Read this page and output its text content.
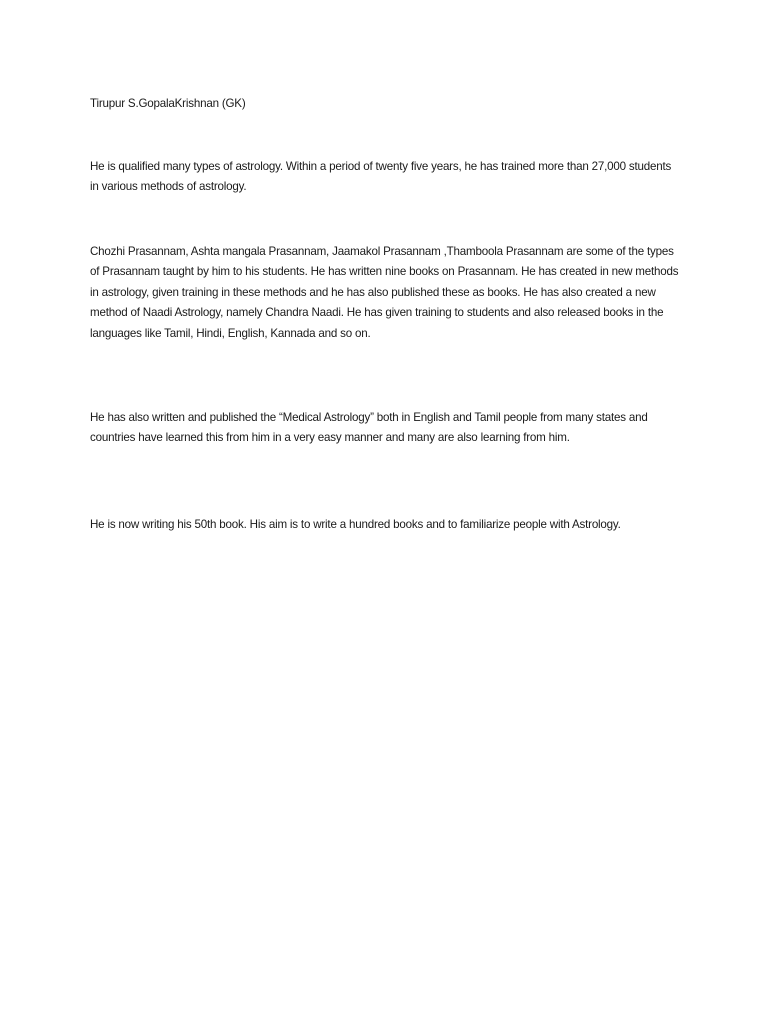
Tirupur S.GopalaKrishnan (GK)

He is qualified many types of astrology. Within a period of twenty five years, he has trained more than 27,000 students in various methods of astrology.

Chozhi Prasannam, Ashta mangala Prasannam, Jaamakol Prasannam ,Thamboola Prasannam are some of the types of Prasannam taught by him to his students. He has written nine books on Prasannam. He has created in new methods in astrology, given training in these methods and he has also published these as books. He has also created a new method of Naadi Astrology, namely Chandra Naadi. He has given training to students and also released books in the languages like Tamil, Hindi, English, Kannada and so on.

He has also written and published the “Medical Astrology” both in English and Tamil people from many states and countries have learned this from him in a very easy manner and many are also learning from him.

He is now writing his 50th book. His aim is to write a hundred books and to familiarize people with Astrology.
